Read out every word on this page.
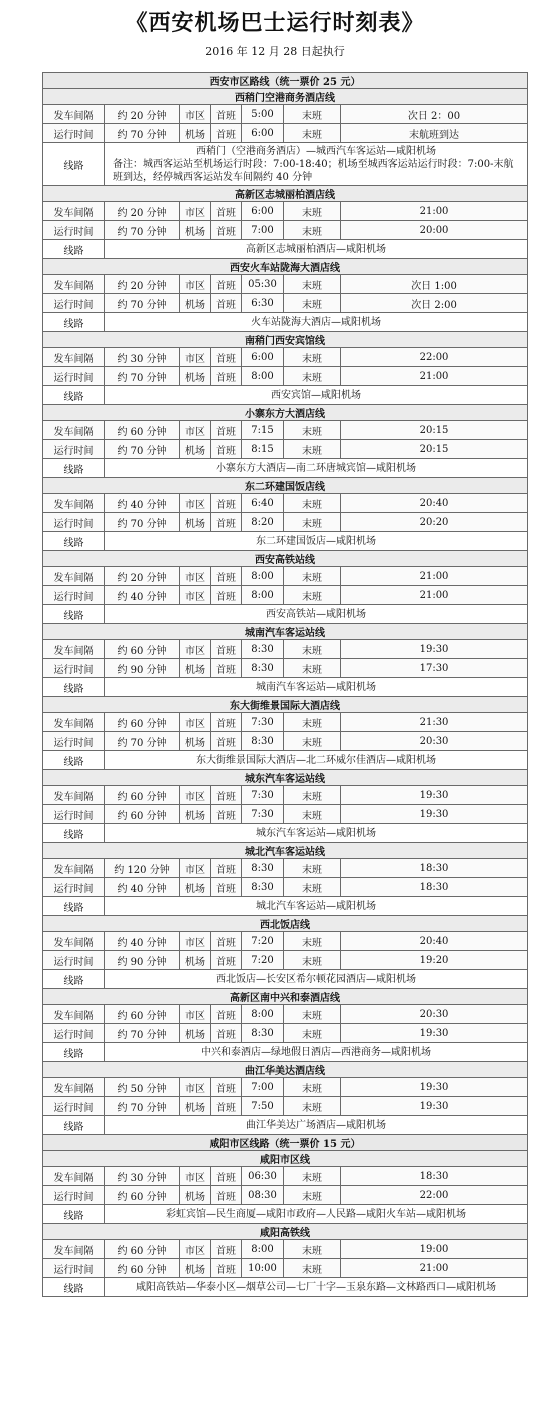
《西安机场巴士运行时刻表》
2016 年 12 月 28 日起执行
西安市区路线（统一票价 25 元）						
西稍门空港商务酒店线						
发车间隔	约 20 分钟	市区	首班	5:00	末班	次日 2：00
运行时间	约 70 分钟	机场	首班	6:00	末班	末航班到达
线路	西稍门（空港商务酒店）—城西汽车客运站—咸阳机场
备注：城西客运站至机场运行时段：7:00-18:40；机场至城西客运站运行时段：7:00-末航
班到达，经停城西客运站发车间隔约 40 分钟					

高新区志城丽柏酒店线						
发车间隔	约 20 分钟	市区	首班	6:00	末班	21:00
运行时间	约 70 分钟	机场	首班	7:00	末班	20:00
线路	高新区志城丽柏酒店—咸阳机场					

西安火车站陇海大酒店线						
发车间隔	约 20 分钟	市区	首班	05:30	末班	次日 1:00
运行时间	约 70 分钟	机场	首班	6:30	末班	次日 2:00
线路	火车站陇海大酒店—咸阳机场					

南稍门西安宾馆线						
发车间隔	约 30 分钟	市区	首班	6:00	末班	22:00
运行时间	约 70 分钟	机场	首班	8:00	末班	21:00
线路	西安宾馆—咸阳机场					

小寨东方大酒店线						
发车间隔	约 60 分钟	市区	首班	7:15	末班	20:15
运行时间	约 70 分钟	机场	首班	8:15	末班	20:15
线路	小寨东方大酒店—南二环唐城宾馆—咸阳机场					

东二环建国饭店线						
发车间隔	约 40 分钟	市区	首班	6:40	末班	20:40
运行时间	约 70 分钟	机场	首班	8:20	末班	20:20
线路	东二环建国饭店—咸阳机场					

西安高铁站线						
发车间隔	约 20 分钟	市区	首班	8:00	末班	21:00
运行时间	约 40 分钟	市区	首班	8:00	末班	21:00
线路	西安高铁站—咸阳机场					

城南汽车客运站线						
发车间隔	约 60 分钟	市区	首班	8:30	末班	19:30
运行时间	约 90 分钟	机场	首班	8:30	末班	17:30
线路	城南汽车客运站—咸阳机场					

东大街维景国际大酒店线						
发车间隔	约 60 分钟	市区	首班	7:30	末班	21:30
运行时间	约 70 分钟	机场	首班	8:30	末班	20:30
线路	东大街维景国际大酒店—北二环威尔佳酒店—咸阳机场					

城东汽车客运站线						
发车间隔	约 60 分钟	市区	首班	7:30	末班	19:30
运行时间	约 60 分钟	机场	首班	7:30	末班	19:30
线路	城东汽车客运站—咸阳机场					

城北汽车客运站线						
发车间隔	约 120 分钟	市区	首班	8:30	末班	18:30
运行时间	约 40 分钟	机场	首班	8:30	末班	18:30
线路	城北汽车客运站—咸阳机场					

西北饭店线						
发车间隔	约 40 分钟	市区	首班	7:20	末班	20:40
运行时间	约 90 分钟	机场	首班	7:20	末班	19:20
线路	西北饭店—长安区希尔顿花园酒店—咸阳机场					

高新区南中兴和泰酒店线						
发车间隔	约 60 分钟	市区	首班	8:00	末班	20:30
运行时间	约 70 分钟	机场	首班	8:30	末班	19:30
线路	中兴和泰酒店—绿地假日酒店—西港商务—咸阳机场					

曲江华美达酒店线						
发车间隔	约 50 分钟	市区	首班	7:00	末班	19:30
运行时间	约 70 分钟	机场	首班	7:50	末班	19:30
线路	曲江华美达广场酒店—咸阳机场					

咸阳市区线路（统一票价 15 元）						
咸阳市区线						
发车间隔	约 30 分钟	市区	首班	06:30	末班	18:30
运行时间	约 60 分钟	机场	首班	08:30	末班	22:00
线路	彩虹宾馆—民生商厦—咸阳市政府—人民路—咸阳火车站—咸阳机场					

咸阳高铁线						
发车间隔	约 60 分钟	市区	首班	8:00	末班	19:00
运行时间	约 60 分钟	机场	首班	10:00	末班	21:00
线路	咸阳高铁站—华泰小区—烟草公司—七厂十字—玉泉东路—文林路西口—咸阳机场					
